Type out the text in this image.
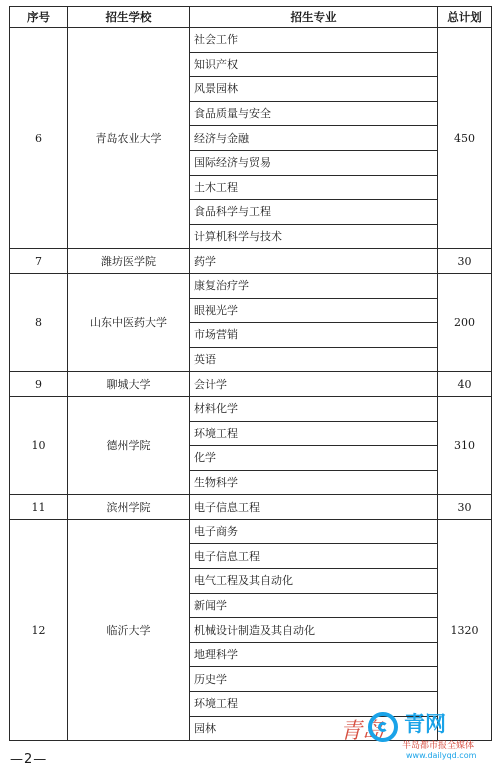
序号	招生学校	招生专业	总计划
6	青岛农业大学	社会工作	450
		知识产权	
		风景园林	
		食品质量与安全	
		经济与金融	
		国际经济与贸易	
		土木工程	
		食品科学与工程	
		计算机科学与技术	
7	潍坊医学院	药学	30
8	山东中医药大学	康复治疗学	200
		眼视光学	
		市场营销	
		英语	
9	聊城大学	会计学	40
10	德州学院	材料化学	310
		环境工程	
		化学	
		生物科学	
11	滨州学院	电子信息工程	30
12	临沂大学	电子商务	1320
		电子信息工程	
		电气工程及其自动化	
		新闻学	
		机械设计制造及其自动化	
		地理科学	
		历史学	
		环境工程	
		园林	
—2—
青岛 青网
半岛都市报全媒体
www.dailyqd.com
